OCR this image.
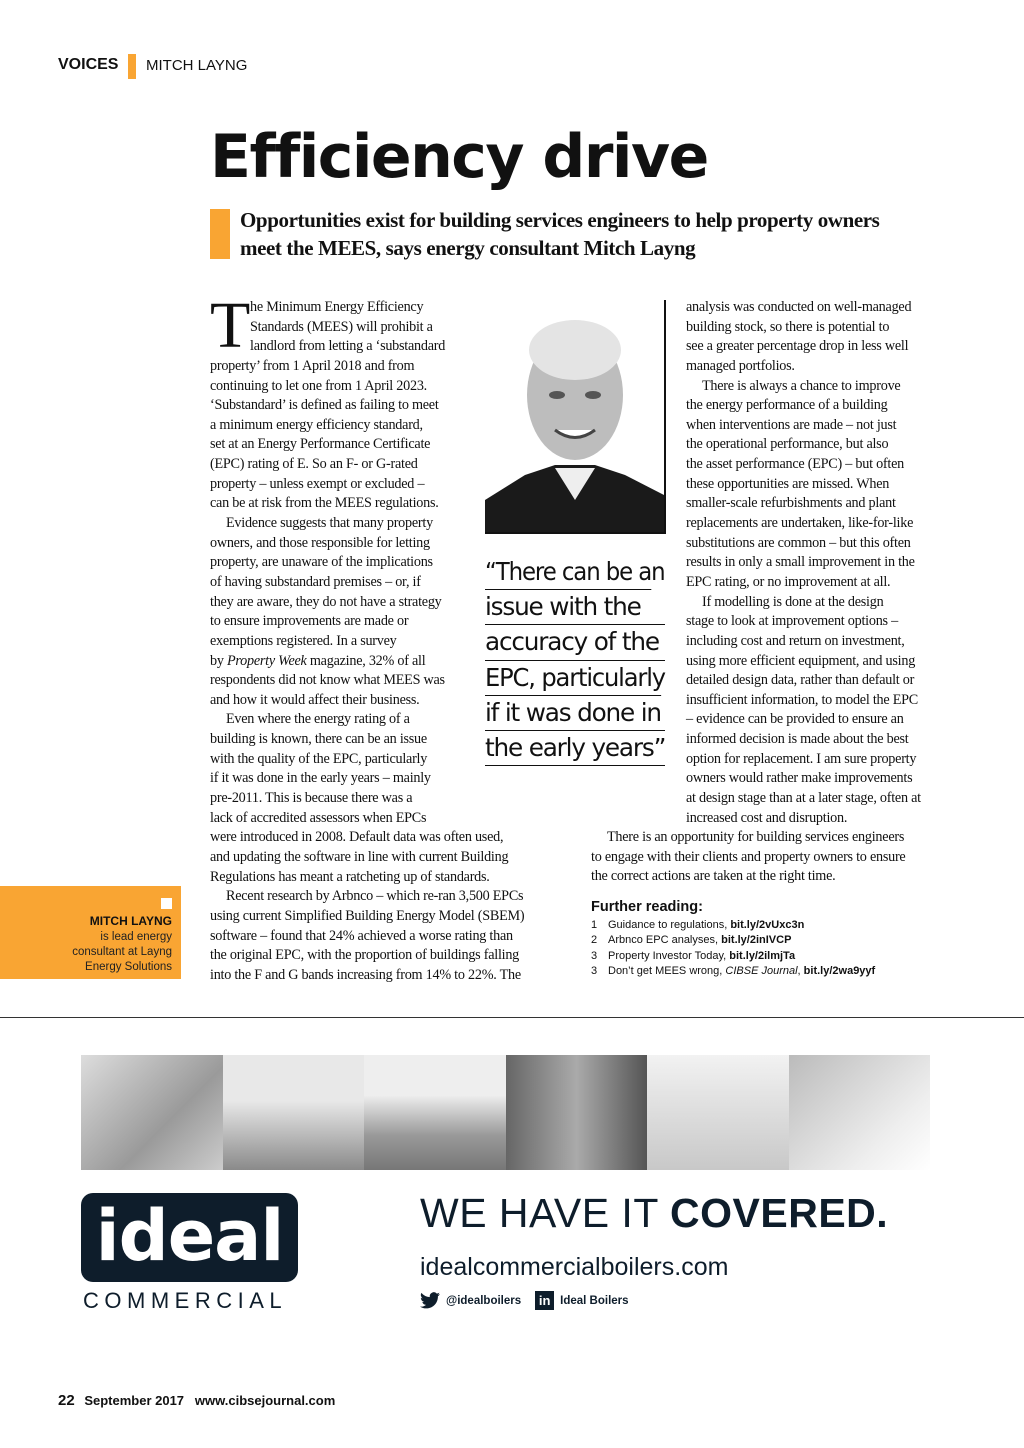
VOICES MITCH LAYNG
Efficiency drive
Opportunities exist for building services engineers to help property owners meet the MEES, says energy consultant Mitch Layng
T he Minimum Energy Efficiency
Standards (MEES) will prohibit a
landlord from letting a ‘substandard
property’ from 1 April 2018 and from
continuing to let one from 1 April 2023.
‘Substandard’ is defined as failing to meet
a minimum energy efficiency standard,
set at an Energy Performance Certificate
(EPC) rating of E. So an F- or G-rated
property – unless exempt or excluded –
can be at risk from the MEES regulations.
Evidence suggests that many property
owners, and those responsible for letting
property, are unaware of the implications
of having substandard premises – or, if
they are aware, they do not have a strategy
to ensure improvements are made or
exemptions registered. In a survey
by Property Week magazine, 32% of all
respondents did not know what MEES was
and how it would affect their business.
Even where the energy rating of a
building is known, there can be an issue
with the quality of the EPC, particularly
if it was done in the early years – mainly
pre-2011. This is because there was a
lack of accredited assessors when EPCs
were introduced in 2008. Default data was often used,
and updating the software in line with current Building
Regulations has meant a ratcheting up of standards.
Recent research by Arbnco – which re-ran 3,500 EPCs
using current Simplified Building Energy Model (SBEM)
software – found that 24% achieved a worse rating than
the original EPC, with the proportion of buildings falling
into the F and G bands increasing from 14% to 22%. The
analysis was conducted on well-managed
building stock, so there is potential to
see a greater percentage drop in less well
managed portfolios.
There is always a chance to improve
the energy performance of a building
when interventions are made – not just
the operational performance, but also
the asset performance (EPC) – but often
these opportunities are missed. When
smaller-scale refurbishments and plant
replacements are undertaken, like-for-like
substitutions are common – but this often
results in only a small improvement in the
EPC rating, or no improvement at all.
If modelling is done at the design
stage to look at improvement options –
including cost and return on investment,
using more efficient equipment, and using
detailed design data, rather than default or
insufficient information, to model the EPC
– evidence can be provided to ensure an
informed decision is made about the best
option for replacement. I am sure property
owners would rather make improvements
at design stage than at a later stage, often at
increased cost and disruption.
There is an opportunity for building services engineers
to engage with their clients and property owners to ensure
the correct actions are taken at the right time.
“There can be an
issue with the
accuracy of the
EPC, particularly
if it was done in
the early years”
MITCH LAYNG
is lead energy
consultant at Layng
Energy Solutions
Further reading:
1 Guidance to regulations, bit.ly/2vUxc3n
2 Arbnco EPC analyses, bit.ly/2inIVCP
3 Property Investor Today, bit.ly/2ilmjTa
3 Don’t get MEES wrong, CIBSE Journal, bit.ly/2wa9yyf
ideal
COMMERCIAL
WE HAVE IT COVERED.
idealcommercialboilers.com
@idealboilers in Ideal Boilers
22 September 2017 www.cibsejournal.com
